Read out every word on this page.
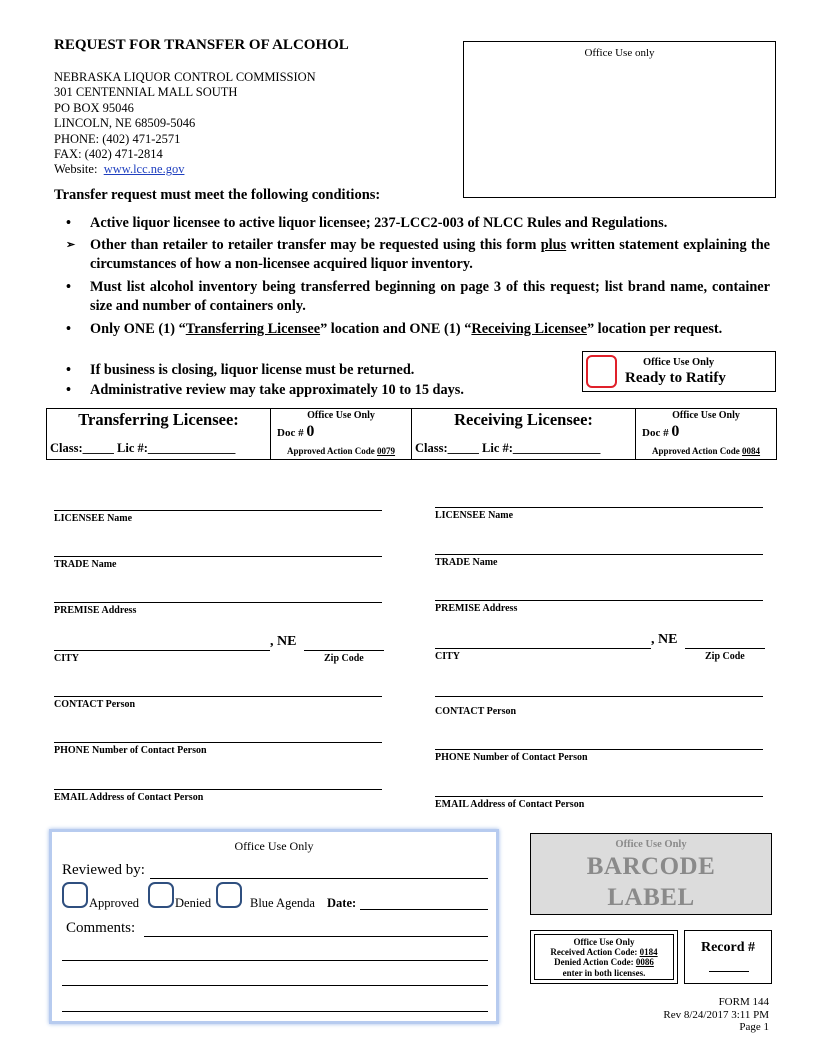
REQUEST FOR TRANSFER OF ALCOHOL
NEBRASKA LIQUOR CONTROL COMMISSION
301 CENTENNIAL MALL SOUTH
PO BOX 95046
LINCOLN, NE 68509-5046
PHONE: (402) 471-2571
FAX: (402) 471-2814
Website: www.lcc.ne.gov
Office Use only
Transfer request must meet the following conditions:
•	Active liquor licensee to active liquor licensee; 237-LCC2-003 of NLCC Rules and Regulations.
➢	Other than retailer to retailer transfer may be requested using this form plus written statement explaining the circumstances of how a non-licensee acquired liquor inventory.
•	Must list alcohol inventory being transferred beginning on page 3 of this request; list brand name, container size and number of containers only.
•	Only ONE (1) “Transferring Licensee” location and ONE (1) “Receiving Licensee” location per request.
•	If business is closing, liquor license must be returned.
•	Administrative review may take approximately 10 to 15 days.
Office Use Only
Ready to Ratify
Transferring Licensee:
Class:_____ Lic #:______________
Office Use Only
Doc # 0
Approved Action Code 0079
Receiving Licensee:
Class:_____ Lic #:______________
Office Use Only
Doc # 0
Approved Action Code 0084
LICENSEE Name
TRADE Name
PREMISE Address
, NE
CITY	Zip Code
CONTACT Person
PHONE Number of Contact Person
EMAIL Address of Contact Person
LICENSEE Name
TRADE Name
PREMISE Address
, NE
CITY	Zip Code
CONTACT Person
PHONE Number of Contact Person
EMAIL Address of Contact Person
Office Use Only
Reviewed by:
Approved	Denied	Blue Agenda Date:
Comments:
Office Use Only
BARCODE
LABEL
Office Use Only
Received Action Code: 0184
Denied Action Code: 0086
enter in both licenses.
Record #
FORM 144
Rev 8/24/2017 3:11 PM
Page 1
